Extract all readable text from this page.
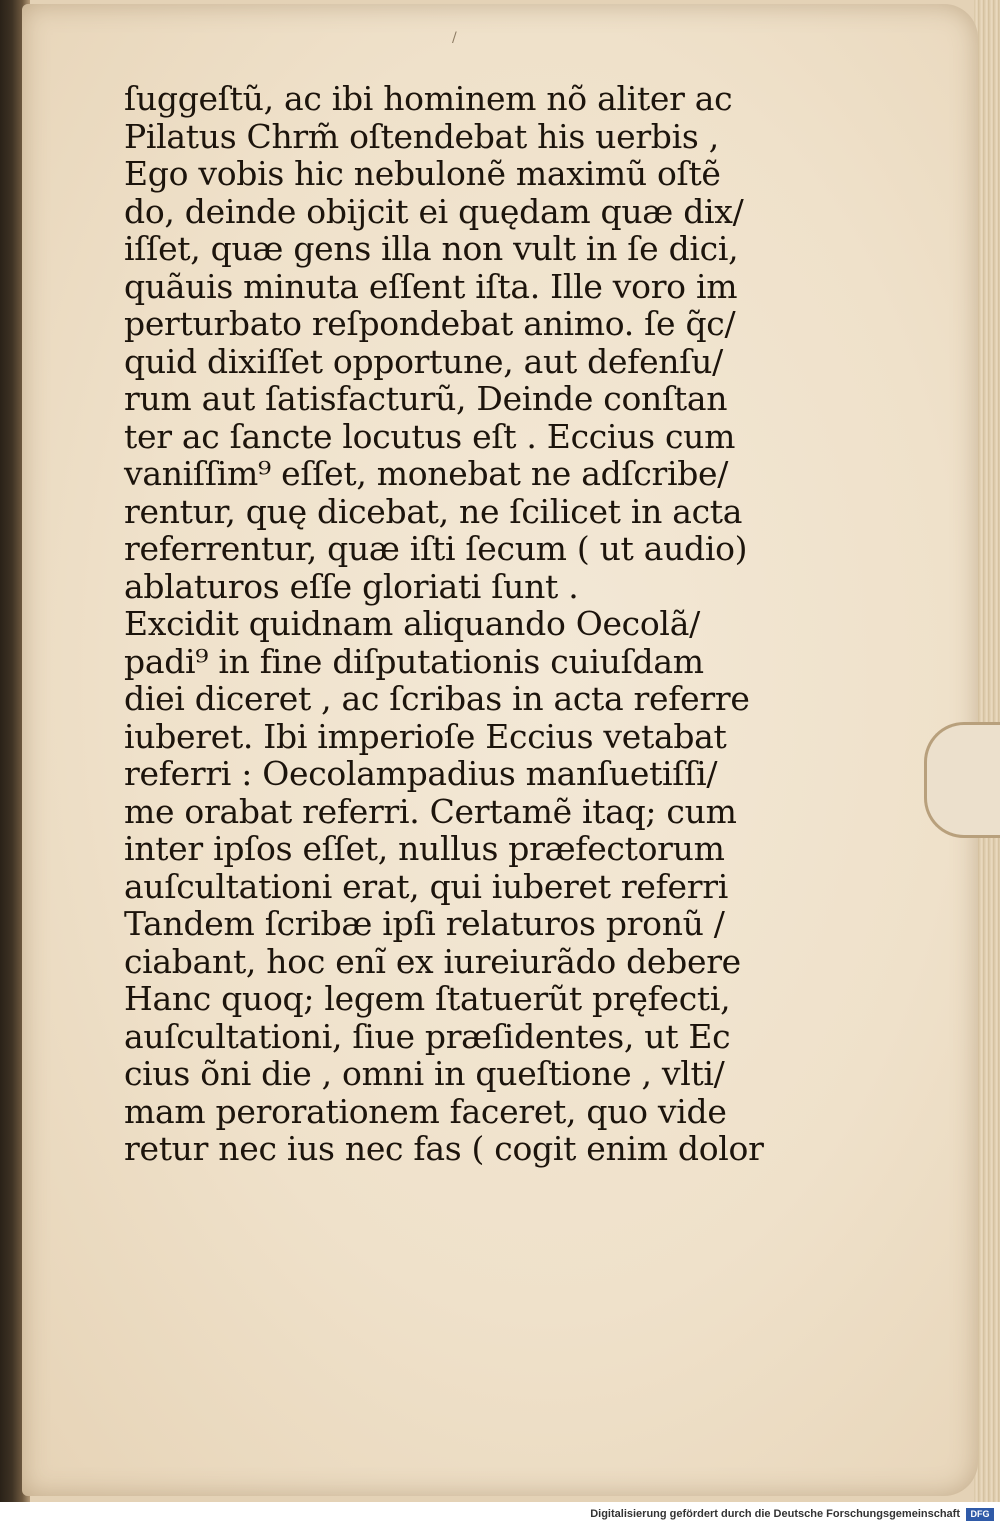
/
ſuggeſtũ, ac ibi hominem nõ aliter ac
Pilatus Chrm̃ oſtendebat his uerbis ,
Ego vobis hic nebulonẽ maximũ oſtẽ
do, deinde obijcit ei quędam quæ dix/
iſſet, quæ gens illa non vult in ſe dici,
quãuis minuta eſſent iſta. Ille voro im
perturbato reſpondebat animo. ſe q̃c/
quid dixiſſet opportune, aut defenſu/
rum aut ſatisfacturũ, Deinde conſtan
ter ac ſancte locutus eſt . Eccius cum
vaniſſim⁹ eſſet, monebat ne adſcribe/
rentur, quę dicebat, ne ſcilicet in acta
referrentur, quæ iſti ſecum ( ut audio)
ablaturos eſſe gloriati ſunt .
Excidit quidnam aliquando Oecolã/
padi⁹ in fine diſputationis cuiuſdam
diei diceret , ac ſcribas in acta referre
iuberet. Ibi imperioſe Eccius vetabat
referri : Oecolampadius manſuetiſſi/
me orabat referri. Certamẽ itaq; cum
inter ipſos eſſet, nullus præfectorum
auſcultationi erat, qui iuberet referri
Tandem ſcribæ ipſi relaturos pronũ /
ciabant, hoc enĩ ex iureiurãdo debere
Hanc quoq; legem ſtatuerũt pręfecti,
auſcultationi, ſiue præſidentes, ut Ec
cius õni die , omni in queſtione , vlti/
mam perorationem faceret, quo vide
retur nec ius nec fas ( cogit enim dolor
Digitalisierung gefördert durch die Deutsche Forschungsgemeinschaft	DFG
